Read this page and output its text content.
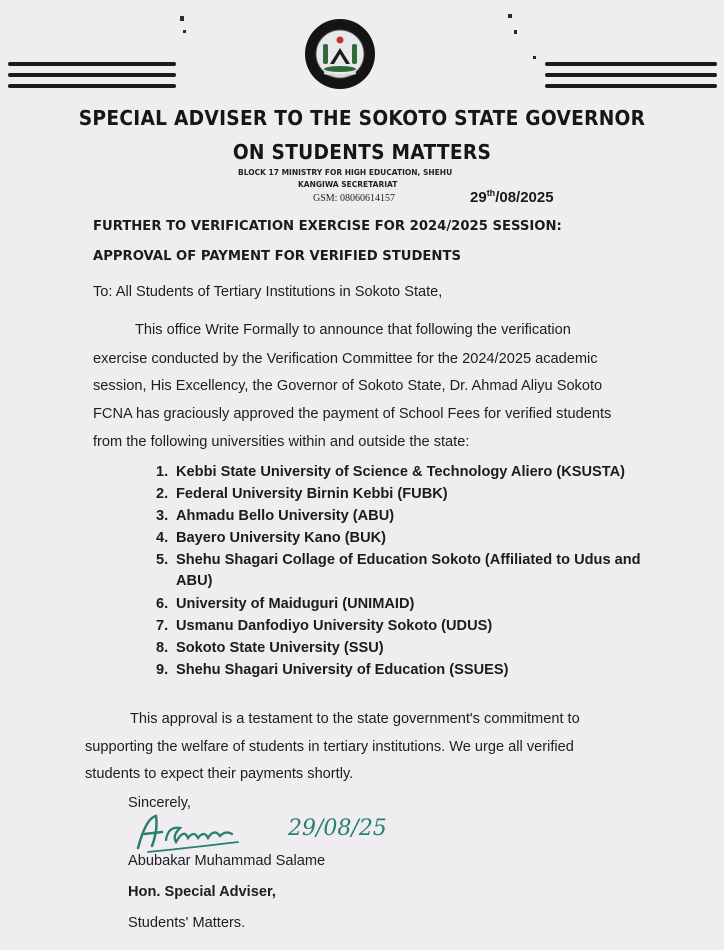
SPECIAL ADVISER TO THE SOKOTO STATE GOVERNOR
ON STUDENTS MATTERS
BLOCK 17 MINISTRY FOR HIGH EDUCATION, SHEHU
KANGIWA SECRETARIAT
GSM: 08060614157	29th/08/2025
FURTHER TO VERIFICATION EXERCISE FOR 2024/2025 SESSION:
APPROVAL OF PAYMENT FOR VERIFIED STUDENTS
To: All Students of Tertiary Institutions in Sokoto State,
This office Write Formally to announce that following the verification
exercise conducted by the Verification Committee for the 2024/2025 academic
session, His Excellency, the Governor of Sokoto State, Dr. Ahmad Aliyu Sokoto
FCNA has graciously approved the payment of School Fees for verified students
from the following universities within and outside the state:
1. Kebbi State University of Science & Technology Aliero (KSUSTA)
2. Federal University Birnin Kebbi (FUBK)
3. Ahmadu Bello University (ABU)
4. Bayero University Kano (BUK)
5. Shehu Shagari Collage of Education Sokoto (Affiliated to Udus and
ABU)
6. University of Maiduguri (UNIMAID)
7. Usmanu Danfodiyo University Sokoto (UDUS)
8. Sokoto State University (SSU)
9. Shehu Shagari University of Education (SSUES)
This approval is a testament to the state government's commitment to
supporting the welfare of students in tertiary institutions. We urge all verified
students to expect their payments shortly.
Sincerely,
29/08/25
Abubakar Muhammad Salame
Hon. Special Adviser,
Students' Matters.
